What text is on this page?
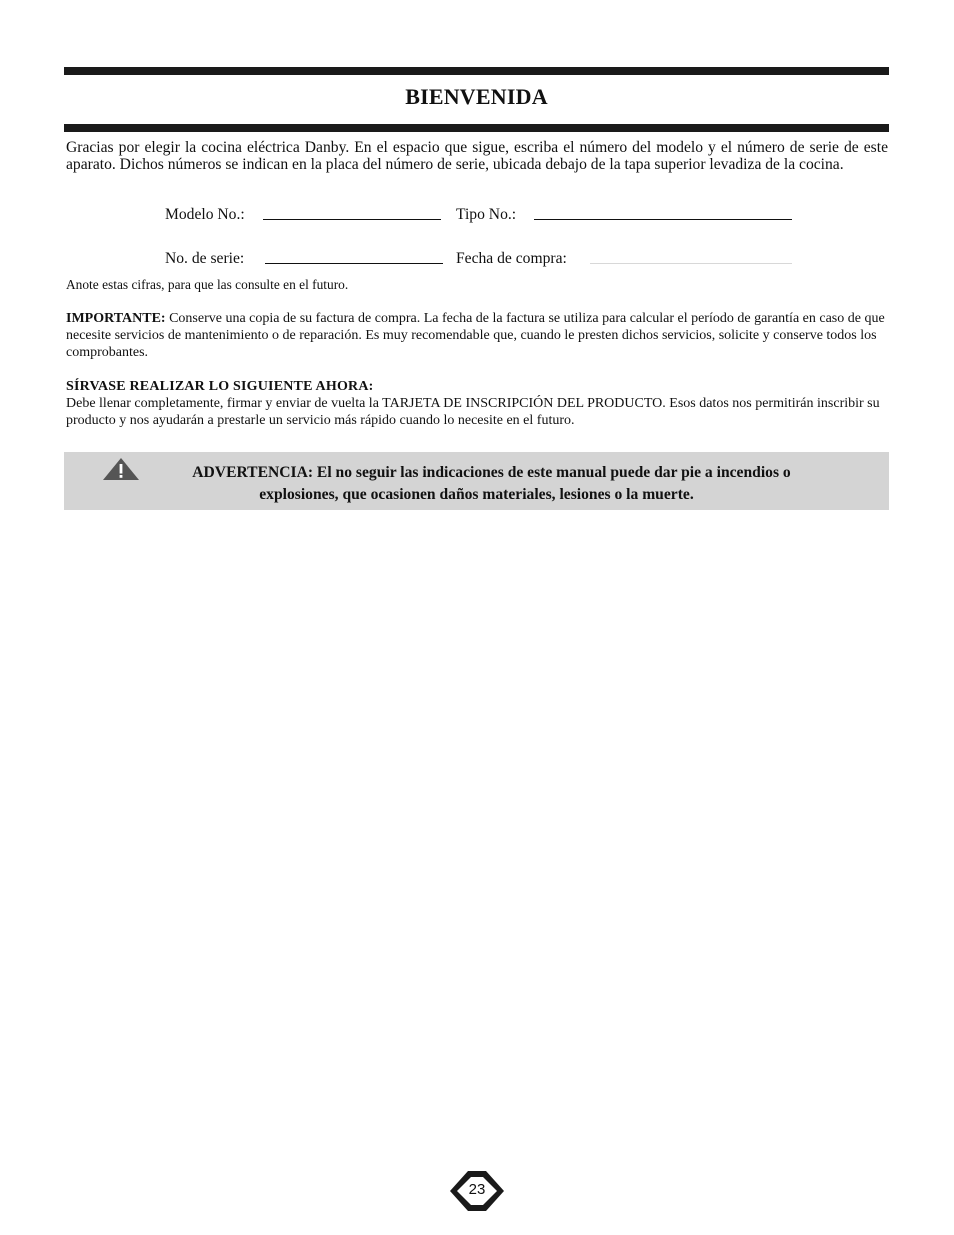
BIENVENIDA
Gracias por elegir la cocina eléctrica Danby. En el espacio que sigue, escriba el número del modelo y el número de serie de este aparato. Dichos números se indican en la placa del número de serie, ubicada debajo de la tapa superior levadiza de la cocina.
Modelo No.:	Tipo No.:
No. de serie:	Fecha de compra:
Anote estas cifras, para que las consulte en el futuro.
IMPORTANTE: Conserve una copia de su factura de compra. La fecha de la factura se utiliza para calcular el período de garantía en caso de que necesite servicios de mantenimiento o de reparación. Es muy recomendable que, cuando le presten dichos servicios, solicite y conserve todos los comprobantes.
SÍRVASE REALIZAR LO SIGUIENTE AHORA:
Debe llenar completamente, firmar y enviar de vuelta la TARJETA DE INSCRIPCIÓN DEL PRODUCTO. Esos datos nos permitirán inscribir su producto y nos ayudarán a prestarle un servicio más rápido cuando lo necesite en el futuro.
ADVERTENCIA: El no seguir las indicaciones de este manual puede dar pie a incendios o
explosiones, que ocasionen daños materiales, lesiones o la muerte.
23
